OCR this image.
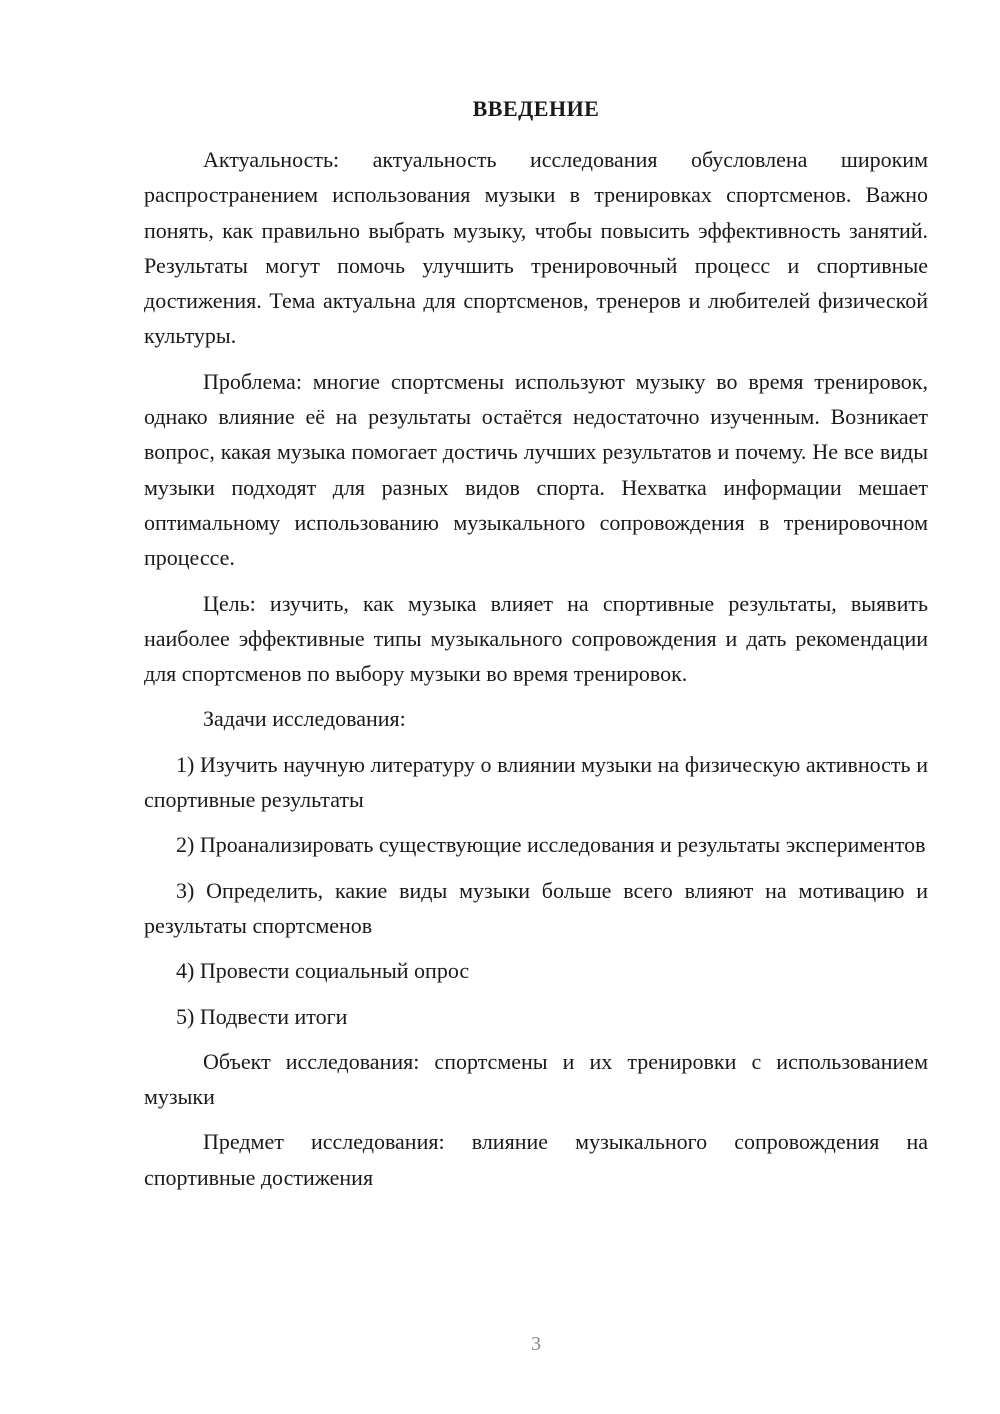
ВВЕДЕНИЕ

Актуальность: актуальность исследования обусловлена широким распространением использования музыки в тренировках спортсменов. Важно понять, как правильно выбрать музыку, чтобы повысить эффективность занятий. Результаты могут помочь улучшить тренировочный процесс и спортивные достижения. Тема актуальна для спортсменов, тренеров и любителей физической культуры.

Проблема: многие спортсмены используют музыку во время тренировок, однако влияние её на результаты остаётся недостаточно изученным. Возникает вопрос, какая музыка помогает достичь лучших результатов и почему. Не все виды музыки подходят для разных видов спорта. Нехватка информации мешает оптимальному использованию музыкального сопровождения в тренировочном процессе.

Цель: изучить, как музыка влияет на спортивные результаты, выявить наиболее эффективные типы музыкального сопровождения и дать рекомендации для спортсменов по выбору музыки во время тренировок.

Задачи исследования:

1) Изучить научную литературу о влиянии музыки на физическую активность и спортивные результаты

2) Проанализировать существующие исследования и результаты экспериментов

3) Определить, какие виды музыки больше всего влияют на мотивацию и результаты спортсменов

4) Провести социальный опрос

5) Подвести итоги

Объект исследования: спортсмены и их тренировки с использованием музыки

Предмет исследования: влияние музыкального сопровождения на спортивные достижения

3
